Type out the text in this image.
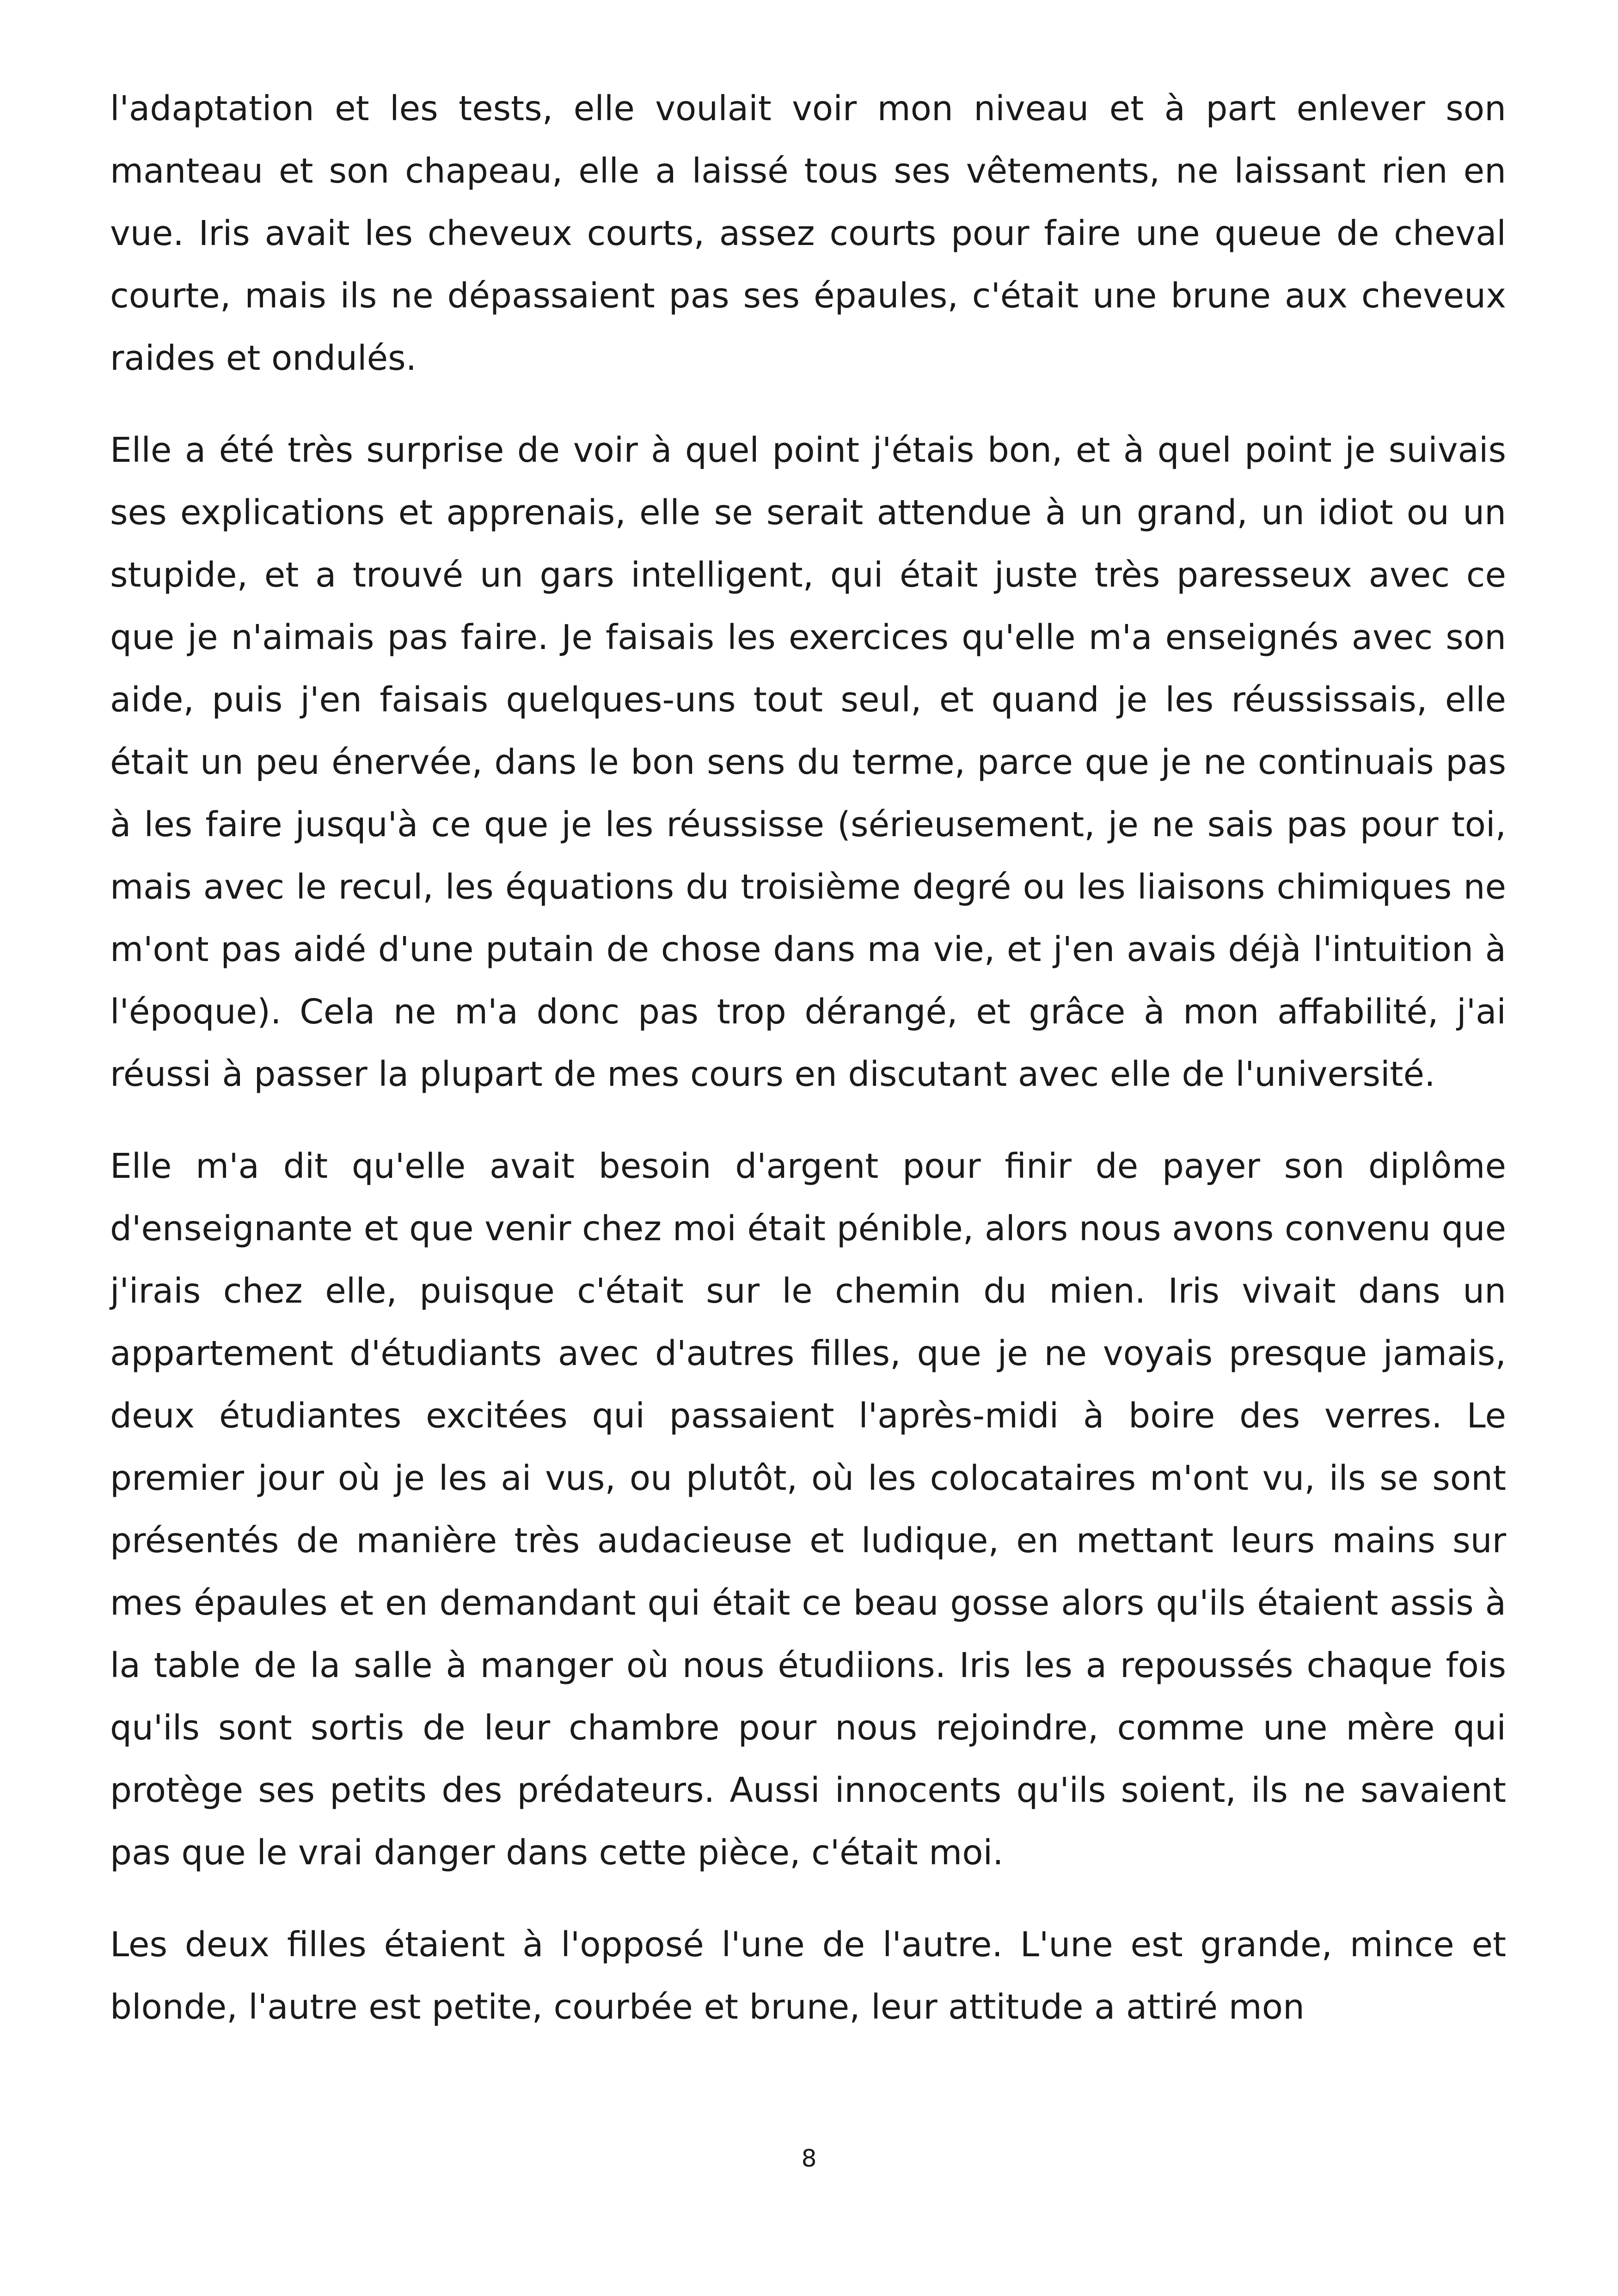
l'adaptation et les tests, elle voulait voir mon niveau et à part enlever son manteau et son chapeau, elle a laissé tous ses vêtements, ne laissant rien en vue. Iris avait les cheveux courts, assez courts pour faire une queue de cheval courte, mais ils ne dépassaient pas ses épaules, c'était une brune aux cheveux raides et ondulés.

Elle a été très surprise de voir à quel point j'étais bon, et à quel point je suivais ses explications et apprenais, elle se serait attendue à un grand, un idiot ou un stupide, et a trouvé un gars intelligent, qui était juste très paresseux avec ce que je n'aimais pas faire. Je faisais les exercices qu'elle m'a enseignés avec son aide, puis j'en faisais quelques-uns tout seul, et quand je les réussissais, elle était un peu énervée, dans le bon sens du terme, parce que je ne continuais pas à les faire jusqu'à ce que je les réussisse (sérieusement, je ne sais pas pour toi, mais avec le recul, les équations du troisième degré ou les liaisons chimiques ne m'ont pas aidé d'une putain de chose dans ma vie, et j'en avais déjà l'intuition à l'époque). Cela ne m'a donc pas trop dérangé, et grâce à mon affabilité, j'ai réussi à passer la plupart de mes cours en discutant avec elle de l'université.

Elle m'a dit qu'elle avait besoin d'argent pour finir de payer son diplôme d'enseignante et que venir chez moi était pénible, alors nous avons convenu que j'irais chez elle, puisque c'était sur le chemin du mien. Iris vivait dans un appartement d'étudiants avec d'autres filles, que je ne voyais presque jamais, deux étudiantes excitées qui passaient l'après-midi à boire des verres. Le premier jour où je les ai vus, ou plutôt, où les colocataires m'ont vu, ils se sont présentés de manière très audacieuse et ludique, en mettant leurs mains sur mes épaules et en demandant qui était ce beau gosse alors qu'ils étaient assis à la table de la salle à manger où nous étudiions. Iris les a repoussés chaque fois qu'ils sont sortis de leur chambre pour nous rejoindre, comme une mère qui protège ses petits des prédateurs. Aussi innocents qu'ils soient, ils ne savaient pas que le vrai danger dans cette pièce, c'était moi.

Les deux filles étaient à l'opposé l'une de l'autre. L'une est grande, mince et blonde, l'autre est petite, courbée et brune, leur attitude a attiré mon

8
